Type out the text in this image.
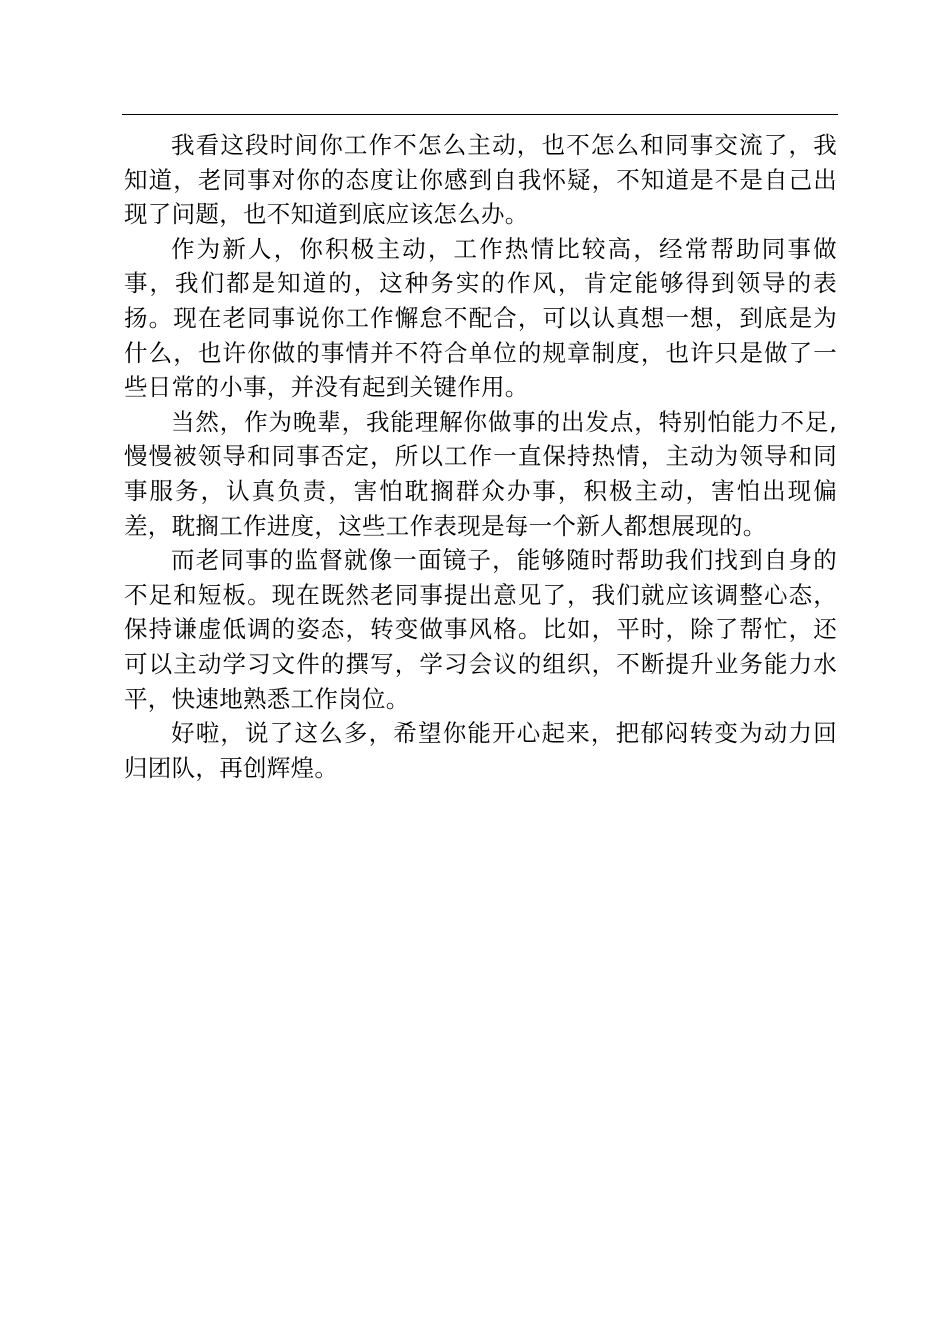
我看这段时间你工作不怎么主动，也不怎么和同事交流了，我知道，老同事对你的态度让你感到自我怀疑，不知道是不是自己出现了问题，也不知道到底应该怎么办。

作为新人，你积极主动，工作热情比较高，经常帮助同事做事，我们都是知道的，这种务实的作风，肯定能够得到领导的表扬。现在老同事说你工作懈怠不配合，可以认真想一想，到底是为什么，也许你做的事情并不符合单位的规章制度，也许只是做了一些日常的小事，并没有起到关键作用。

当然，作为晚辈，我能理解你做事的出发点，特别怕能力不足,慢慢被领导和同事否定，所以工作一直保持热情，主动为领导和同事服务，认真负责，害怕耽搁群众办事，积极主动，害怕出现偏差，耽搁工作进度，这些工作表现是每一个新人都想展现的。

而老同事的监督就像一面镜子，能够随时帮助我们找到自身的不足和短板。现在既然老同事提出意见了，我们就应该调整心态，保持谦虚低调的姿态，转变做事风格。比如，平时，除了帮忙，还可以主动学习文件的撰写，学习会议的组织，不断提升业务能力水平，快速地熟悉工作岗位。

好啦，说了这么多，希望你能开心起来，把郁闷转变为动力回归团队，再创辉煌。
